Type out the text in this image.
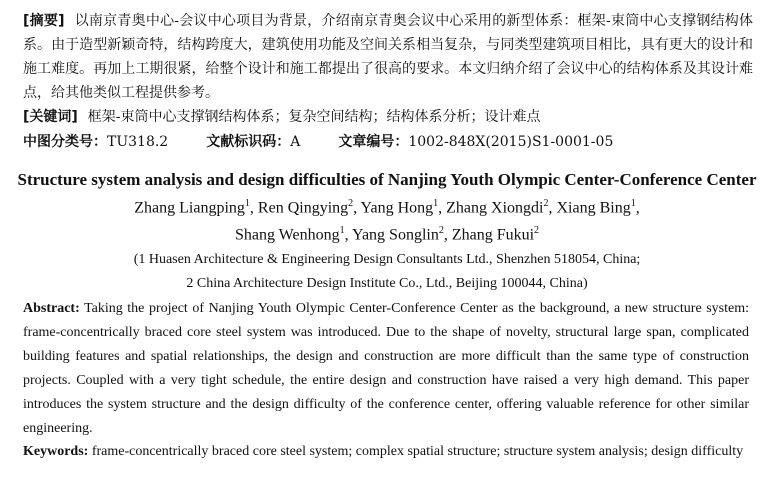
[摘要] 以南京青奥中心-会议中心项目为背景，介绍南京青奥会议中心采用的新型体系：框架-束筒中心支撑钢结构体系。由于造型新颖奇特，结构跨度大，建筑使用功能及空间关系相当复杂，与同类型建筑项目相比，具有更大的设计和施工难度。再加上工期很紧，给整个设计和施工都提出了很高的要求。本文归纳介绍了会议中心的结构体系及其设计难点，给其他类似工程提供参考。
[关键词] 框架-束筒中心支撑钢结构体系；复杂空间结构；结构体系分析；设计难点
中图分类号：TU318.2	文献标识码：A	文章编号：1002-848X(2015)S1-0001-05
Structure system analysis and design difficulties of Nanjing Youth Olympic Center-Conference Center
Zhang Liangping$^1$, Ren Qingying$^2$, Yang Hong$^1$, Zhang Xiongdi$^2$, Xiang Bing$^1$,
Shang Wenhong$^1$, Yang Songlin$^2$, Zhang Fukui$^2$
(1 Huasen Architecture & Engineering Design Consultants Ltd., Shenzhen 518054, China;
2 China Architecture Design Institute Co., Ltd., Beijing 100044, China)
Abstract: Taking the project of Nanjing Youth Olympic Center-Conference Center as the background, a new structure system: frame-concentrically braced core steel system was introduced. Due to the shape of novelty, structural large span, complicated building features and spatial relationships, the design and construction are more difficult than the same type of construction projects. Coupled with a very tight schedule, the entire design and construction have raised a very high demand. This paper introduces the system structure and the design difficulty of the conference center, offering valuable reference for other similar engineering.
Keywords: frame-concentrically braced core steel system; complex spatial structure; structure system analysis; design difficulty
